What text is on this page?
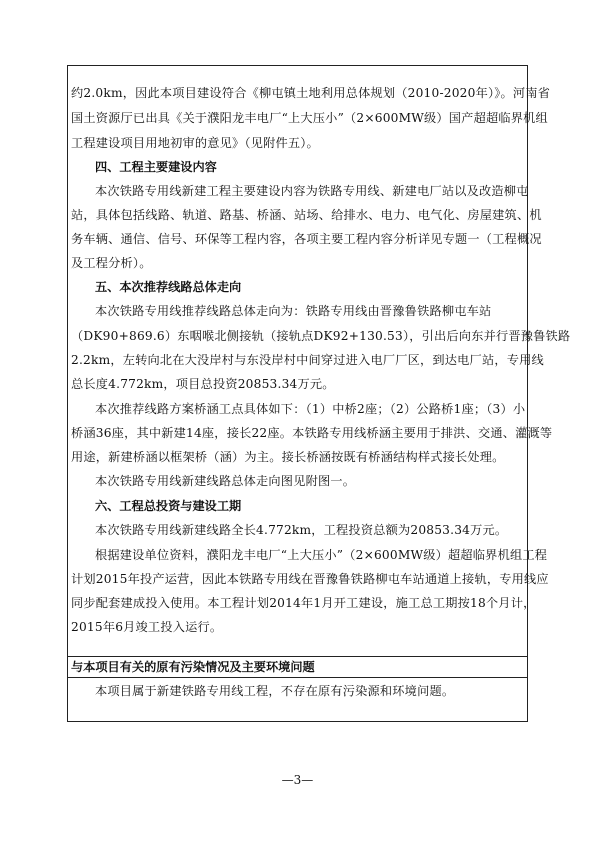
约2.0km，因此本项目建设符合《柳屯镇土地利用总体规划（2010-2020年）》。河南省

国土资源厅已出具《关于濮阳龙丰电厂“上大压小”（2×600MW级）国产超超临界机组

工程建设项目用地初审的意见》（见附件五）。

四、工程主要建设内容

本次铁路专用线新建工程主要建设内容为铁路专用线、新建电厂站以及改造柳屯

站，具体包括线路、轨道、路基、桥涵、站场、给排水、电力、电气化、房屋建筑、机

务车辆、通信、信号、环保等工程内容，各项主要工程内容分析详见专题一（工程概况

及工程分析）。

五、本次推荐线路总体走向

本次铁路专用线推荐线路总体走向为：铁路专用线由晋豫鲁铁路柳屯车站

（DK90+869.6）东咽喉北侧接轨（接轨点DK92+130.53），引出后向东并行晋豫鲁铁路

2.2km，左转向北在大没岸村与东没岸村中间穿过进入电厂厂区，到达电厂站，专用线

总长度4.772km，项目总投资20853.34万元。

本次推荐线路方案桥涵工点具体如下：（1）中桥2座；（2）公路桥1座；（3）小

桥涵36座，其中新建14座，接长22座。本铁路专用线桥涵主要用于排洪、交通、灌溉等

用途，新建桥涵以框架桥（涵）为主。接长桥涵按既有桥涵结构样式接长处理。

本次铁路专用线新建线路总体走向图见附图一。

六、工程总投资与建设工期

本次铁路专用线新建线路全长4.772km，工程投资总额为20853.34万元。

根据建设单位资料，濮阳龙丰电厂“上大压小”（2×600MW级）超超临界机组工程

计划2015年投产运营，因此本铁路专用线在晋豫鲁铁路柳屯车站通道上接轨，专用线应

同步配套建成投入使用。本工程计划2014年1月开工建设，施工总工期按18个月计，

2015年6月竣工投入运行。

与本项目有关的原有污染情况及主要环境问题

本项目属于新建铁路专用线工程，不存在原有污染源和环境问题。

—3—
